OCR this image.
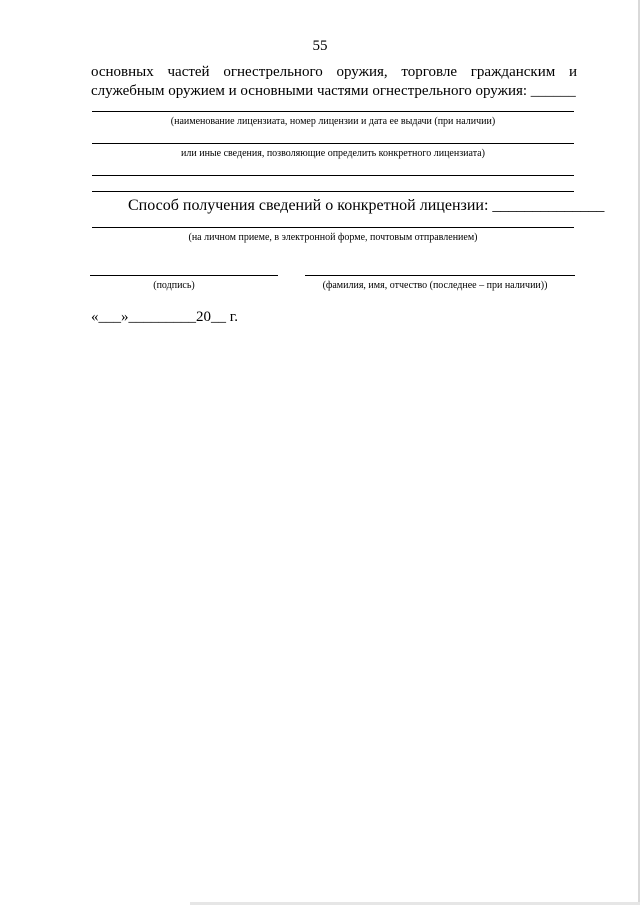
55
основных частей огнестрельного оружия, торговле гражданским и
служебным оружием и основными частями огнестрельного оружия: ______
(наименование лицензиата, номер лицензии и дата ее выдачи (при наличии)
или иные сведения, позволяющие определить конкретного лицензиата)
Способ получения сведений о конкретной лицензии: ______________
(на личном приеме, в электронной форме, почтовым отправлением)
(подпись)	(фамилия, имя, отчество (последнее – при наличии))
«___»_________20__ г.
